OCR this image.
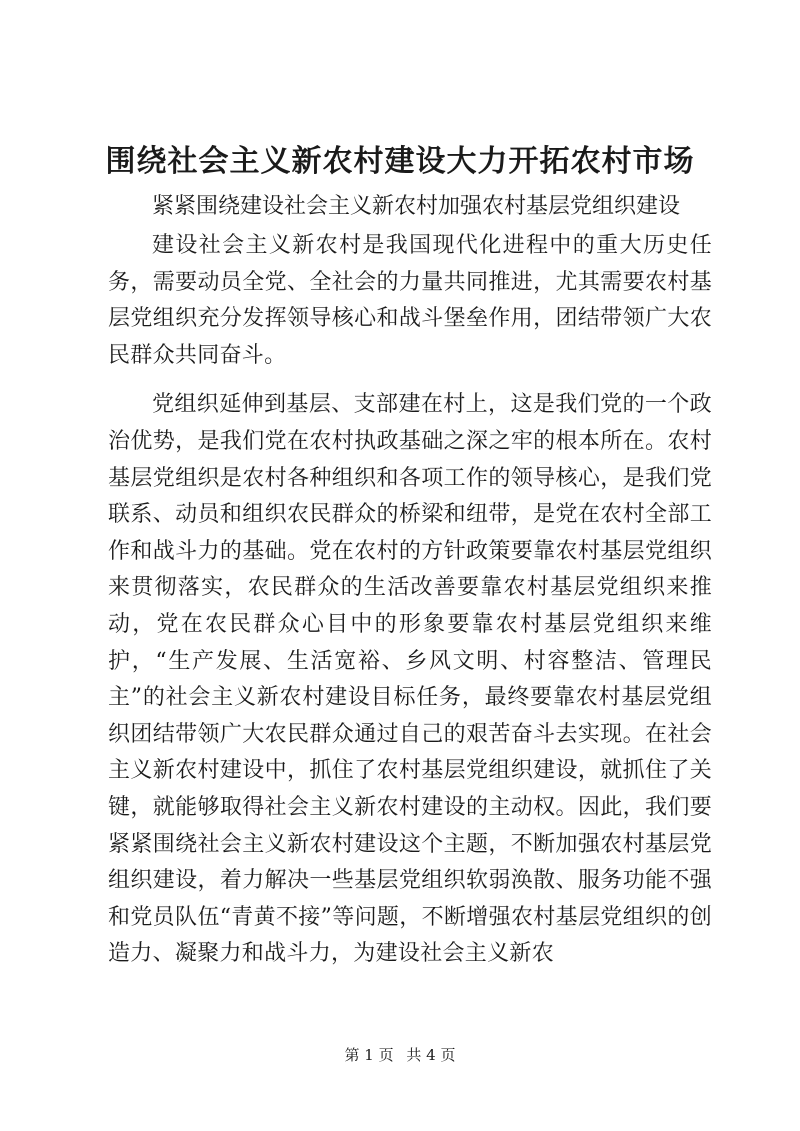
围绕社会主义新农村建设大力开拓农村市场

紧紧围绕建设社会主义新农村加强农村基层党组织建设

建设社会主义新农村是我国现代化进程中的重大历史任务，需要动员全党、全社会的力量共同推进，尤其需要农村基层党组织充分发挥领导核心和战斗堡垒作用，团结带领广大农民群众共同奋斗。

党组织延伸到基层、支部建在村上，这是我们党的一个政治优势，是我们党在农村执政基础之深之牢的根本所在。农村基层党组织是农村各种组织和各项工作的领导核心，是我们党联系、动员和组织农民群众的桥梁和纽带，是党在农村全部工作和战斗力的基础。党在农村的方针政策要靠农村基层党组织来贯彻落实，农民群众的生活改善要靠农村基层党组织来推动，党在农民群众心目中的形象要靠农村基层党组织来维护，“生产发展、生活宽裕、乡风文明、村容整洁、管理民主”的社会主义新农村建设目标任务，最终要靠农村基层党组织团结带领广大农民群众通过自己的艰苦奋斗去实现。在社会主义新农村建设中，抓住了农村基层党组织建设，就抓住了关键，就能够取得社会主义新农村建设的主动权。因此，我们要紧紧围绕社会主义新农村建设这个主题，不断加强农村基层党组织建设，着力解决一些基层党组织软弱涣散、服务功能不强和党员队伍“青黄不接”等问题，不断增强农村基层党组织的创造力、凝聚力和战斗力，为建设社会主义新农

第 1 页 共 4 页
